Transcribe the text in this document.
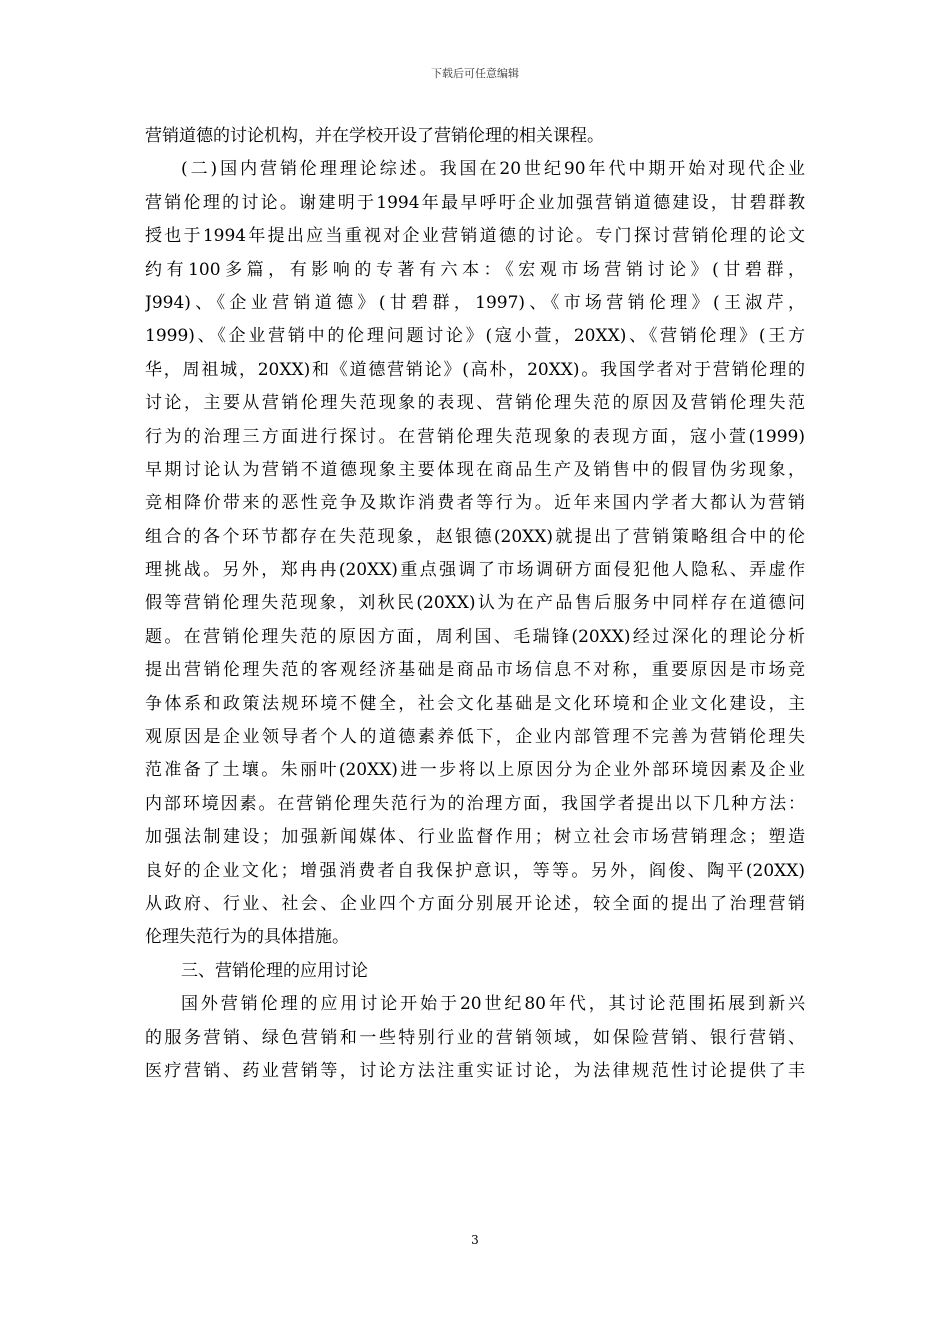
下载后可任意编辑
营销道德的讨论机构，并在学校开设了营销伦理的相关课程。
(二)国内营销伦理理论综述。我国在20世纪90年代中期开始对现代企业
营销伦理的讨论。谢建明于1994年最早呼吁企业加强营销道德建设，甘碧群教
授也于1994年提出应当重视对企业营销道德的讨论。专门探讨营销伦理的论文
约有100多篇，有影响的专著有六本：《宏观市场营销讨论》(甘碧群，
J994)、《企业营销道德》(甘碧群，1997)、《市场营销伦理》(王淑芹，
1999)、《企业营销中的伦理问题讨论》(寇小萱，20XX)、《营销伦理》(王方
华，周祖城，20XX)和《道德营销论》(高朴，20XX)。我国学者对于营销伦理的
讨论，主要从营销伦理失范现象的表现、营销伦理失范的原因及营销伦理失范
行为的治理三方面进行探讨。在营销伦理失范现象的表现方面，寇小萱(1999)
早期讨论认为营销不道德现象主要体现在商品生产及销售中的假冒伪劣现象，
竞相降价带来的恶性竞争及欺诈消费者等行为。近年来国内学者大都认为营销
组合的各个环节都存在失范现象，赵银德(20XX)就提出了营销策略组合中的伦
理挑战。另外，郑冉冉(20XX)重点强调了市场调研方面侵犯他人隐私、弄虚作
假等营销伦理失范现象，刘秋民(20XX)认为在产品售后服务中同样存在道德问
题。在营销伦理失范的原因方面，周利国、毛瑞锋(20XX)经过深化的理论分析
提出营销伦理失范的客观经济基础是商品市场信息不对称，重要原因是市场竞
争体系和政策法规环境不健全，社会文化基础是文化环境和企业文化建设，主
观原因是企业领导者个人的道德素养低下，企业内部管理不完善为营销伦理失
范准备了土壤。朱丽叶(20XX)进一步将以上原因分为企业外部环境因素及企业
内部环境因素。在营销伦理失范行为的治理方面，我国学者提出以下几种方法：
加强法制建设；加强新闻媒体、行业监督作用；树立社会市场营销理念；塑造
良好的企业文化；增强消费者自我保护意识，等等。另外，阎俊、陶平(20XX)
从政府、行业、社会、企业四个方面分别展开论述，较全面的提出了治理营销
伦理失范行为的具体措施。
三、营销伦理的应用讨论
国外营销伦理的应用讨论开始于20世纪80年代，其讨论范围拓展到新兴
的服务营销、绿色营销和一些特别行业的营销领域，如保险营销、银行营销、
医疗营销、药业营销等，讨论方法注重实证讨论，为法律规范性讨论提供了丰
3
